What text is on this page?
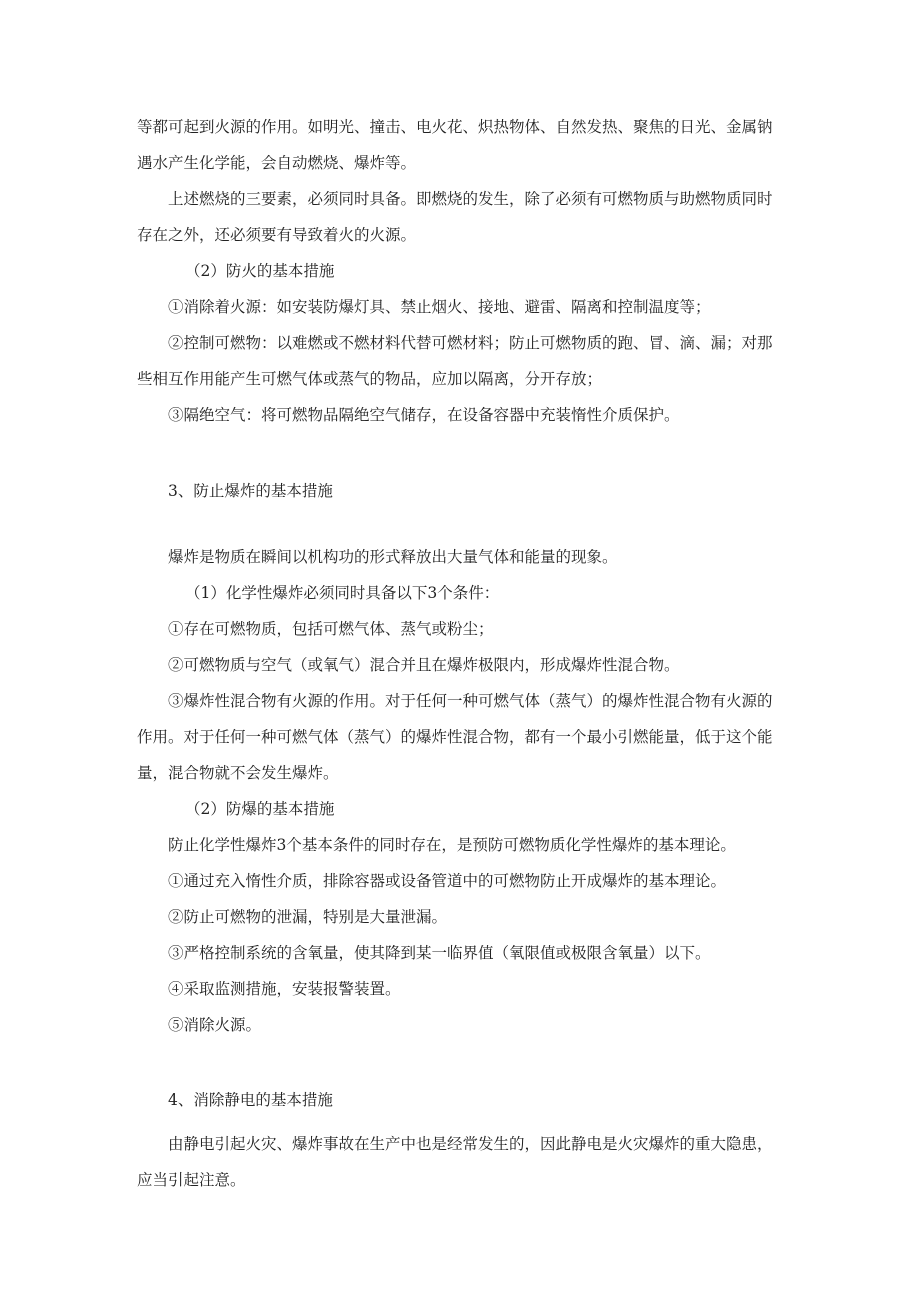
等都可起到火源的作用。如明光、撞击、电火花、炽热物体、自然发热、聚焦的日光、金属钠遇水产生化学能，会自动燃烧、爆炸等。

上述燃烧的三要素，必须同时具备。即燃烧的发生，除了必须有可燃物质与助燃物质同时存在之外，还必须要有导致着火的火源。

（2）防火的基本措施

①消除着火源：如安装防爆灯具、禁止烟火、接地、避雷、隔离和控制温度等；

②控制可燃物：以难燃或不燃材料代替可燃材料；防止可燃物质的跑、冒、滴、漏；对那些相互作用能产生可燃气体或蒸气的物品，应加以隔离，分开存放；

③隔绝空气：将可燃物品隔绝空气储存，在设备容器中充装惰性介质保护。

3、防止爆炸的基本措施

爆炸是物质在瞬间以机构功的形式释放出大量气体和能量的现象。

（1）化学性爆炸必须同时具备以下3个条件：

①存在可燃物质，包括可燃气体、蒸气或粉尘；

②可燃物质与空气（或氧气）混合并且在爆炸极限内，形成爆炸性混合物。

③爆炸性混合物有火源的作用。对于任何一种可燃气体（蒸气）的爆炸性混合物有火源的作用。对于任何一种可燃气体（蒸气）的爆炸性混合物，都有一个最小引燃能量，低于这个能量，混合物就不会发生爆炸。

（2）防爆的基本措施

防止化学性爆炸3个基本条件的同时存在，是预防可燃物质化学性爆炸的基本理论。

①通过充入惰性介质，排除容器或设备管道中的可燃物防止开成爆炸的基本理论。

②防止可燃物的泄漏，特别是大量泄漏。

③严格控制系统的含氧量，使其降到某一临界值（氧限值或极限含氧量）以下。

④采取监测措施，安装报警装置。

⑤消除火源。

4、消除静电的基本措施

由静电引起火灾、爆炸事故在生产中也是经常发生的，因此静电是火灾爆炸的重大隐患，应当引起注意。
